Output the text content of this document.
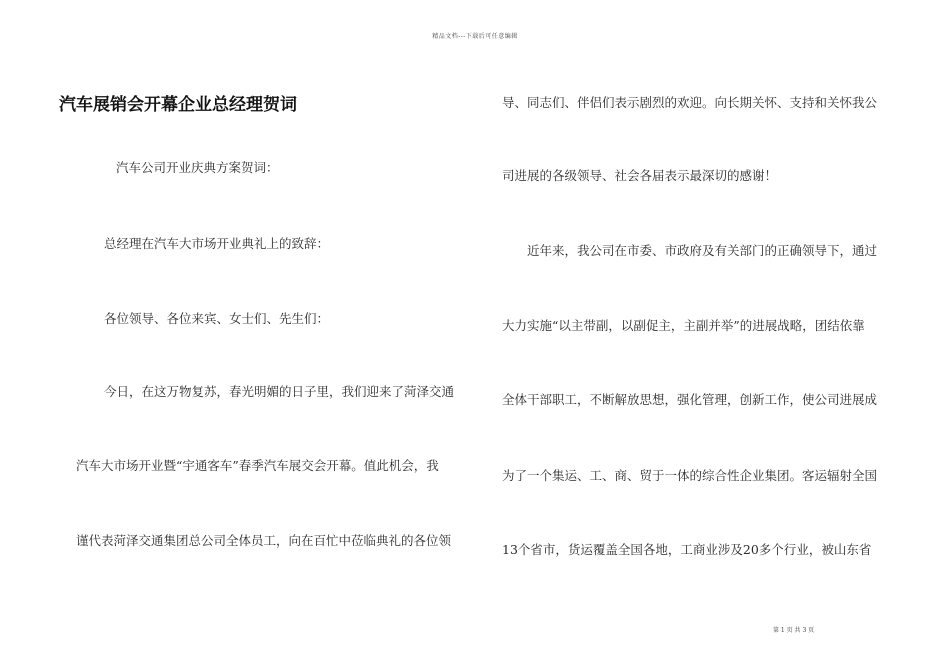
精品文档---下载后可任意编辑
汽车展销会开幕企业总经理贺词
汽车公司开业庆典方案贺词：
总经理在汽车大市场开业典礼上的致辞：
各位领导、各位来宾、女士们、先生们：
今日，在这万物复苏，春光明媚的日子里，我们迎来了菏泽交通
汽车大市场开业暨“宇通客车”春季汽车展交会开幕。值此机会，我
谨代表菏泽交通集团总公司全体员工，向在百忙中莅临典礼的各位领
导、同志们、伴侣们表示剧烈的欢迎。向长期关怀、支持和关怀我公
司进展的各级领导、社会各届表示最深切的感谢！
近年来，我公司在市委、市政府及有关部门的正确领导下，通过
大力实施“以主带副，以副促主，主副并举”的进展战略，团结依靠
全体干部职工，不断解放思想，强化管理，创新工作，使公司进展成
为了一个集运、工、商、贸于一体的综合性企业集团。客运辐射全国
13个省市，货运覆盖全国各地，工商业涉及20多个行业，被山东省
第 1 页 共 3 页
